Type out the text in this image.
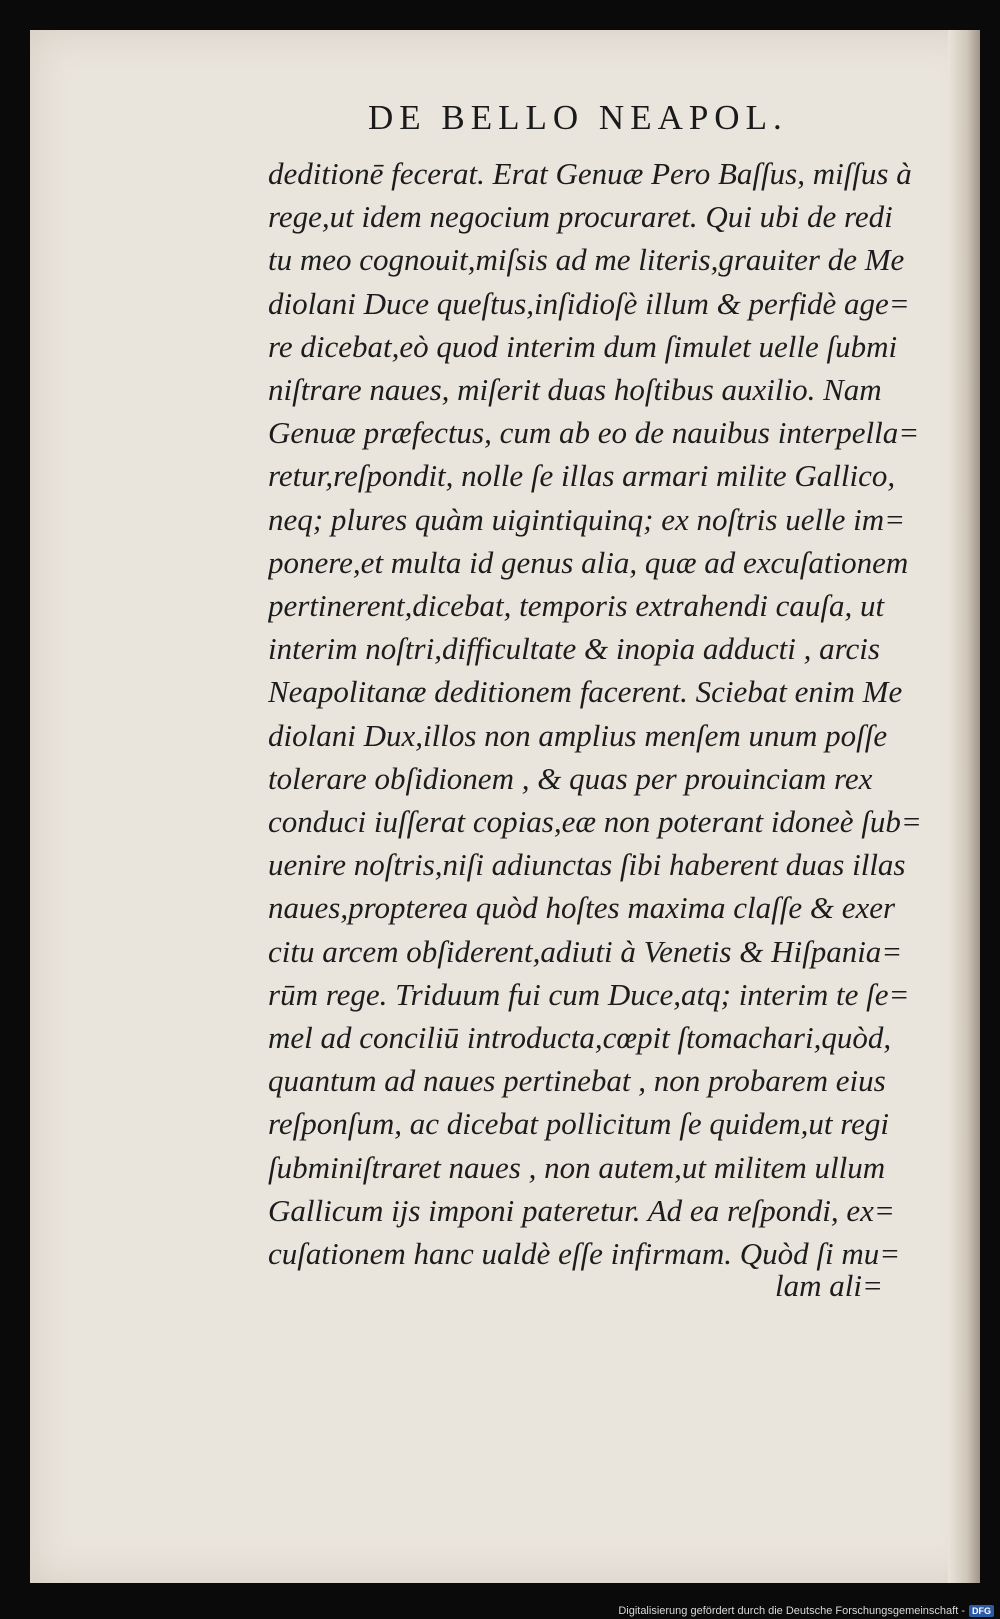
DE BELLO NEAPOL.
deditionē fecerat. Erat Genuæ Pero Baſſus, miſſus à
rege,ut idem negocium procuraret. Qui ubi de redi
tu meo cognouit,miſsis ad me literis,grauiter de Me
diolani Duce queſtus,inſidioſè illum & perfidè age=
re dicebat,eò quod interim dum ſimulet uelle ſubmi
niſtrare naues, miſerit duas hoſtibus auxilio. Nam
Genuæ præfectus, cum ab eo de nauibus interpella=
retur,reſpondit, nolle ſe illas armari milite Gallico,
neq; plures quàm uigintiquinq; ex noſtris uelle im=
ponere,et multa id genus alia, quæ ad excuſationem
pertinerent,dicebat, temporis extrahendi cauſa, ut
interim noſtri,difficultate & inopia adducti , arcis
Neapolitanæ deditionem facerent. Sciebat enim Me
diolani Dux,illos non amplius menſem unum poſſe
tolerare obſidionem , & quas per prouinciam rex
conduci iuſſerat copias,eæ non poterant idoneè ſub=
uenire noſtris,niſi adiunctas ſibi haberent duas illas
naues,propterea quòd hoſtes maxima claſſe & exer
citu arcem obſiderent,adiuti à Venetis & Hiſpania=
rūm rege. Triduum fui cum Duce,atq; interim te ſe=
mel ad conciliū introducta,cœpit ſtomachari,quòd,
quantum ad naues pertinebat , non probarem eius
reſponſum, ac dicebat pollicitum ſe quidem,ut regi
ſubminiſtraret naues , non autem,ut militem ullum
Gallicum ijs imponi pateretur. Ad ea reſpondi, ex=
cuſationem hanc ualdè eſſe infirmam. Quòd ſi mu=
lam ali=
Digitalisierung gefördert durch die Deutsche Forschungsgemeinschaft - DFG
